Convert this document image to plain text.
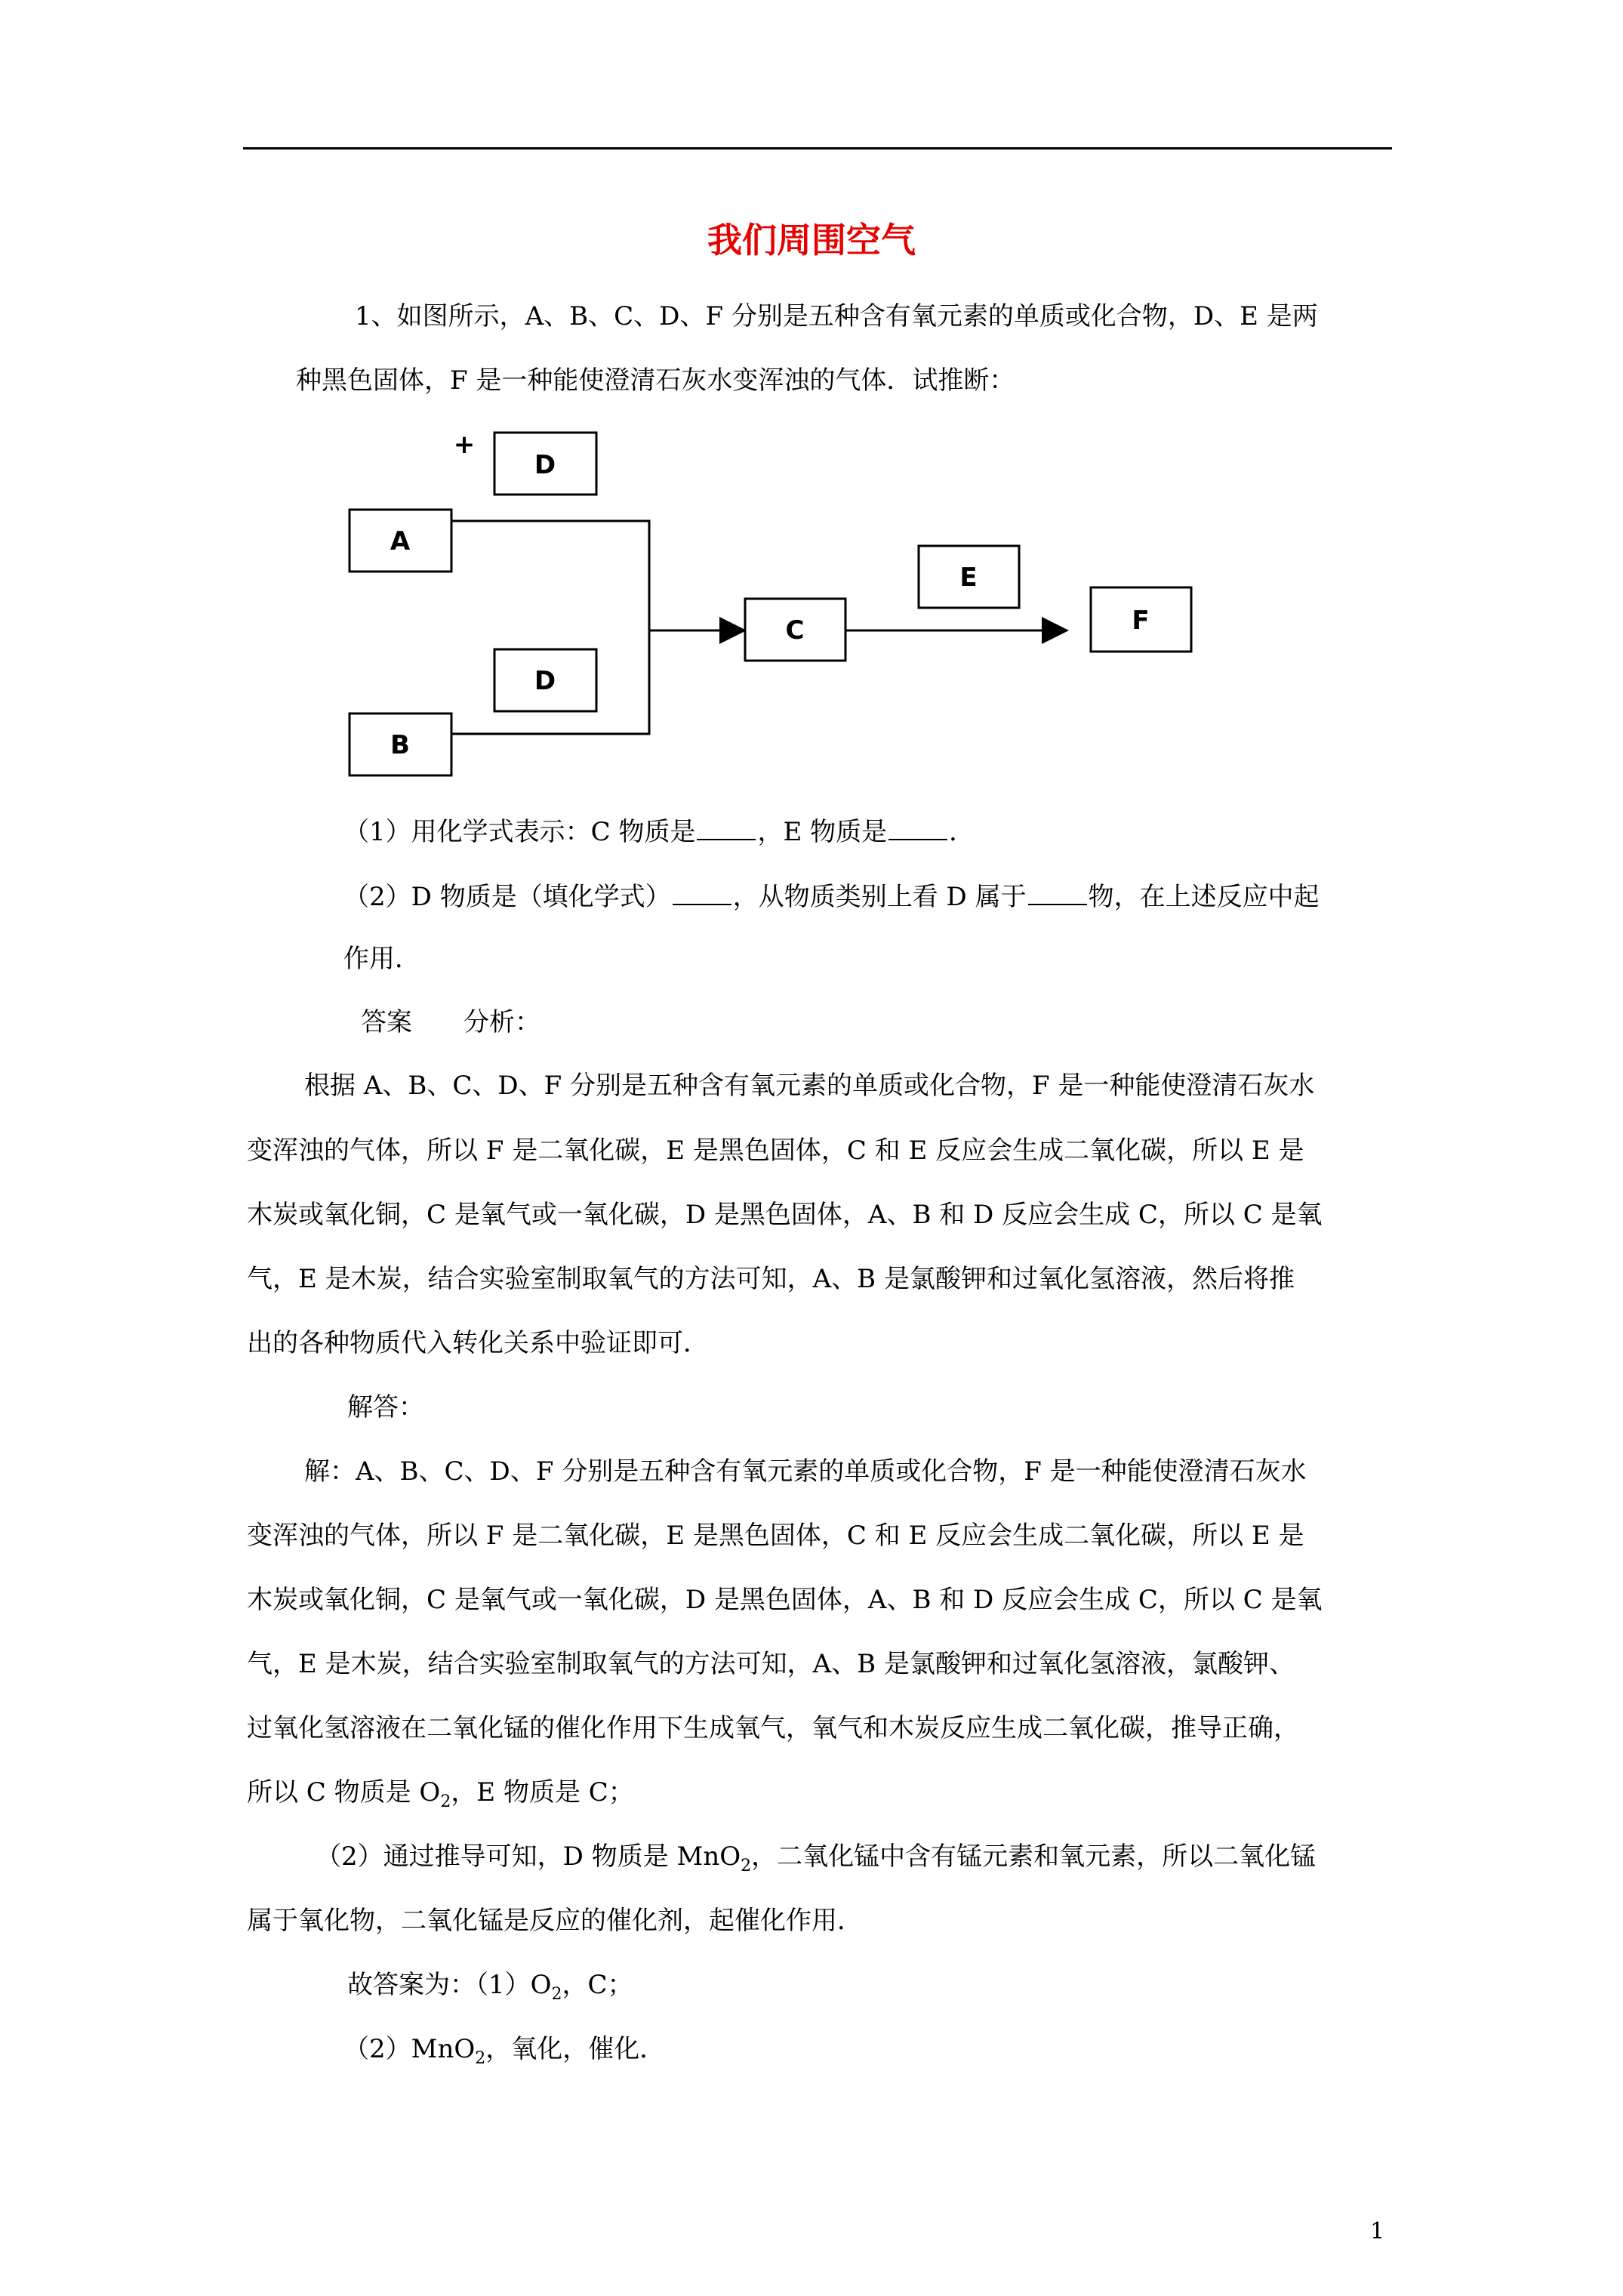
我们周围空气
1、如图所示，A、B、C、D、F 分别是五种含有氧元素的单质或化合物，D、E 是两
种黑色固体，F 是一种能使澄清石灰水变浑浊的气体．试推断：
+
D
A
D
B
C
E
F
（1）用化学式表示：C 物质是 ，E 物质是 ．
（2）D 物质是（填化学式） ，从物质类别上看 D 属于 物，在上述反应中起
作用．
答案　　分析：
根据 A、B、C、D、F 分别是五种含有氧元素的单质或化合物，F 是一种能使澄清石灰水
变浑浊的气体，所以 F 是二氧化碳，E 是黑色固体，C 和 E 反应会生成二氧化碳，所以 E 是
木炭或氧化铜，C 是氧气或一氧化碳，D 是黑色固体，A、B 和 D 反应会生成 C，所以 C 是氧
气，E 是木炭，结合实验室制取氧气的方法可知，A、B 是氯酸钾和过氧化氢溶液，然后将推
出的各种物质代入转化关系中验证即可．
解答：
解：A、B、C、D、F 分别是五种含有氧元素的单质或化合物，F 是一种能使澄清石灰水
变浑浊的气体，所以 F 是二氧化碳，E 是黑色固体，C 和 E 反应会生成二氧化碳，所以 E 是
木炭或氧化铜，C 是氧气或一氧化碳，D 是黑色固体，A、B 和 D 反应会生成 C，所以 C 是氧
气，E 是木炭，结合实验室制取氧气的方法可知，A、B 是氯酸钾和过氧化氢溶液，氯酸钾、
过氧化氢溶液在二氧化锰的催化作用下生成氧气，氧气和木炭反应生成二氧化碳，推导正确，
所以 C 物质是 $O_2$，E 物质是 C；
（2）通过推导可知，D 物质是 MnO$_2$，二氧化锰中含有锰元素和氧元素，所以二氧化锰
属于氧化物，二氧化锰是反应的催化剂，起催化作用．
故答案为：$(1)O_2$，C；
（2）MnO$_2$，氧化，催化．
1
